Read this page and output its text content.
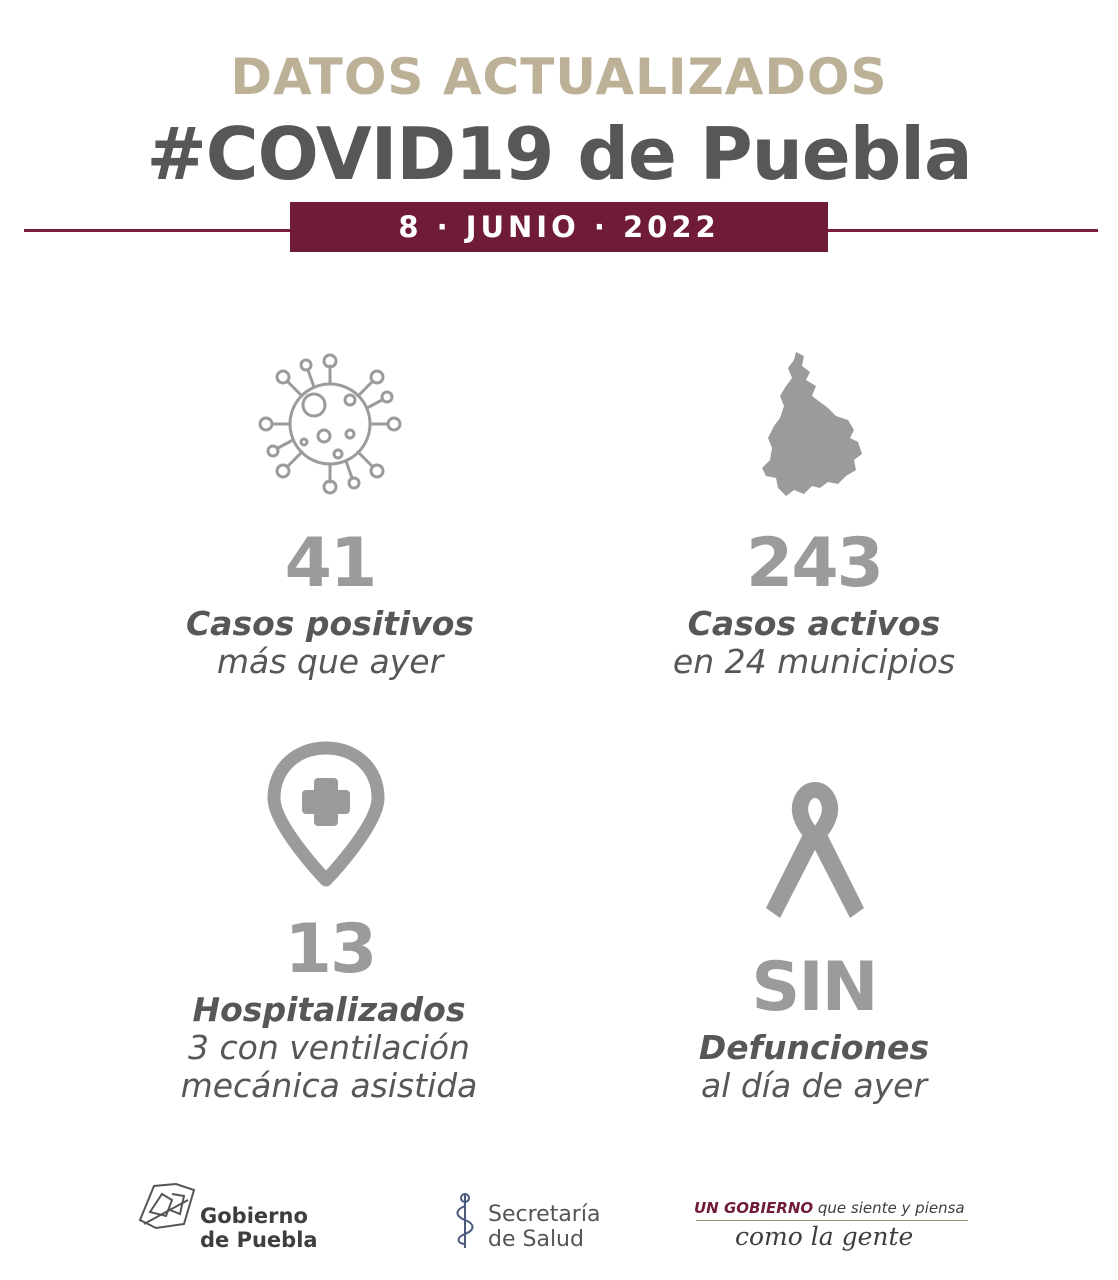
DATOS ACTUALIZADOS
#COVID19 de Puebla
8 · JUNIO · 2022
41
Casos positivos
más que ayer
243
Casos activos
en 24 municipios
13
Hospitalizados
3 con ventilación
mecánica asistida
SIN
Defunciones
al día de ayer
Gobierno
de Puebla
Secretaría
de Salud
UN GOBIERNO que siente y piensa
como la gente
